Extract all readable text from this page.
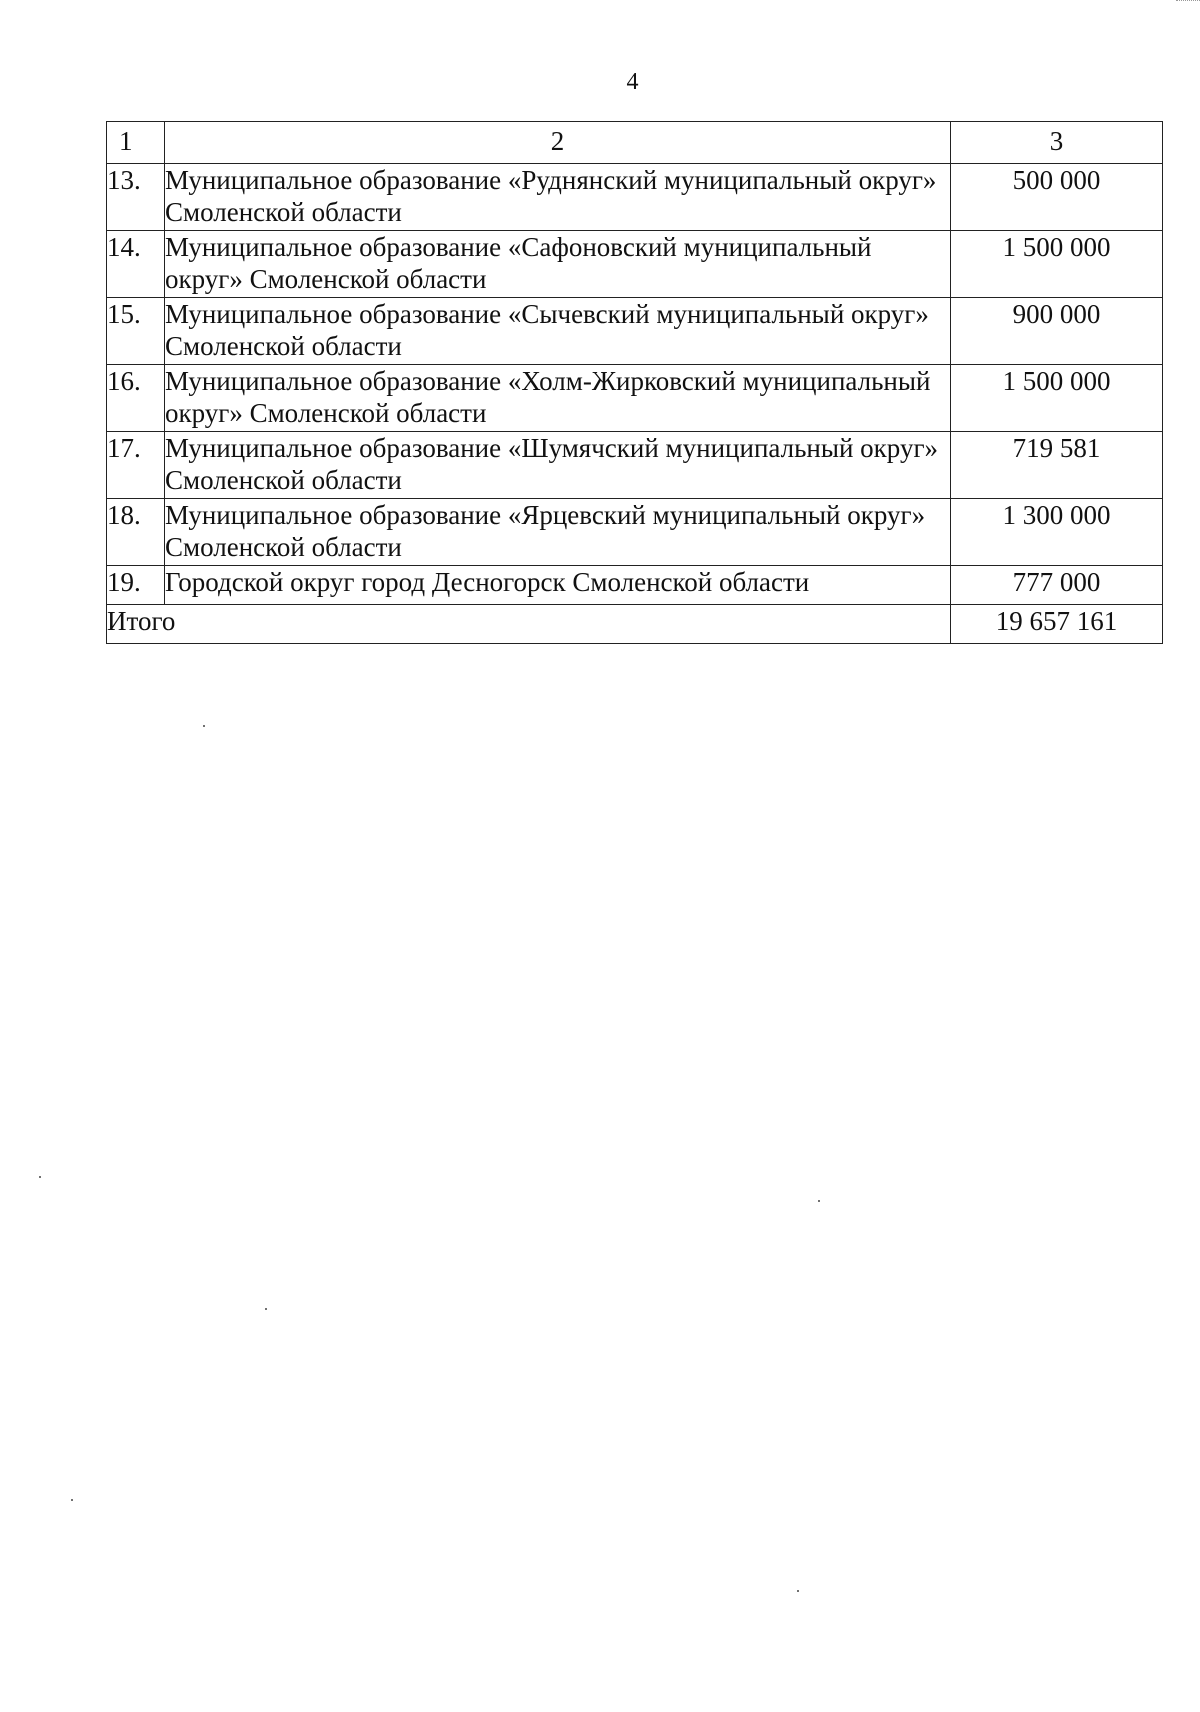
4
1	2	3
13.	Муниципальное образование «Руднянский муниципальный округ» Смоленской области	500 000
14.	Муниципальное образование «Сафоновский муниципальный округ» Смоленской области	1 500 000
15.	Муниципальное образование «Сычевский муниципальный округ» Смоленской области	900 000
16.	Муниципальное образование «Холм-Жирковский муниципальный округ» Смоленской области	1 500 000
17.	Муниципальное образование «Шумячский муниципальный округ» Смоленской области	719 581
18.	Муниципальное образование «Ярцевский муниципальный округ» Смоленской области	1 300 000
19.	Городской округ город Десногорск Смоленской области	777 000
Итого		19 657 161
